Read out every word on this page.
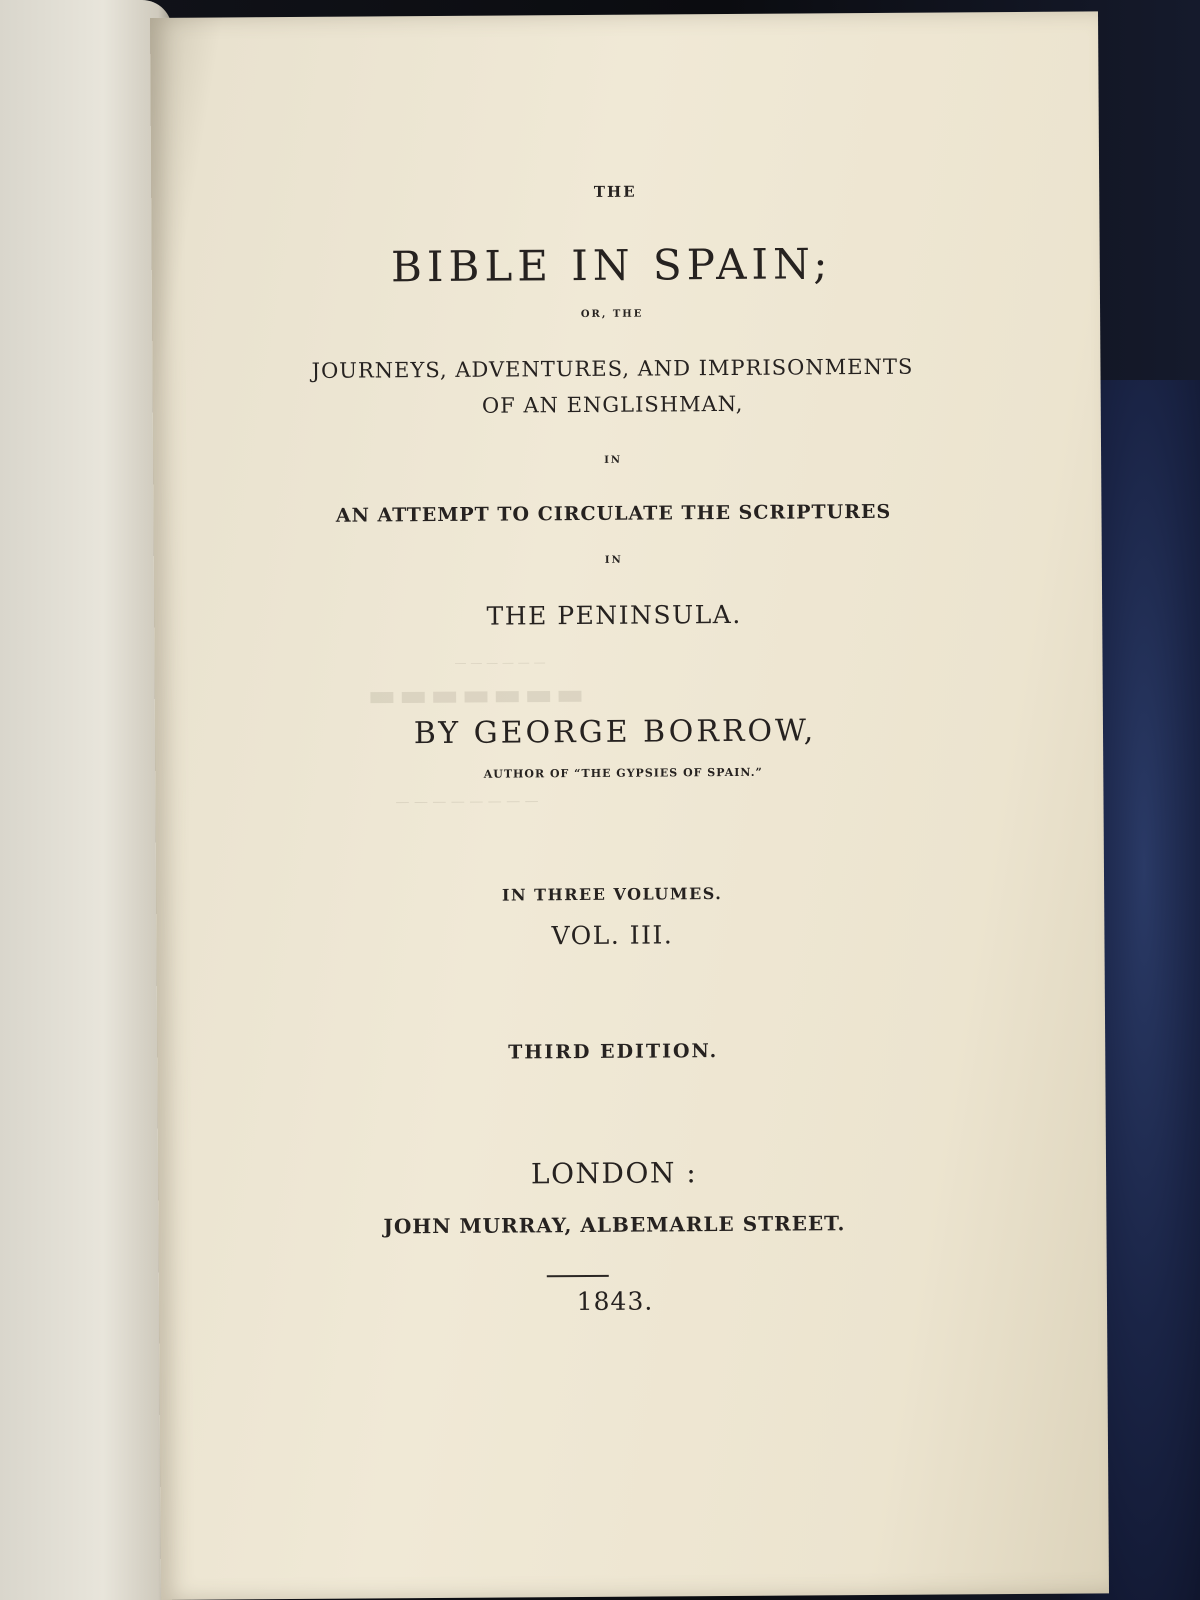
— — — — — —
▬▬▬▬▬▬▬
— — — — — — — —
THE
BIBLE IN SPAIN;
OR, THE
JOURNEYS, ADVENTURES, AND IMPRISONMENTS
OF AN ENGLISHMAN,
IN
AN ATTEMPT TO CIRCULATE THE SCRIPTURES
IN
THE PENINSULA.
BY GEORGE BORROW,
AUTHOR OF “THE GYPSIES OF SPAIN.”
IN THREE VOLUMES.
VOL. III.
THIRD EDITION.
LONDON :
JOHN MURRAY, ALBEMARLE STREET.
1843.
